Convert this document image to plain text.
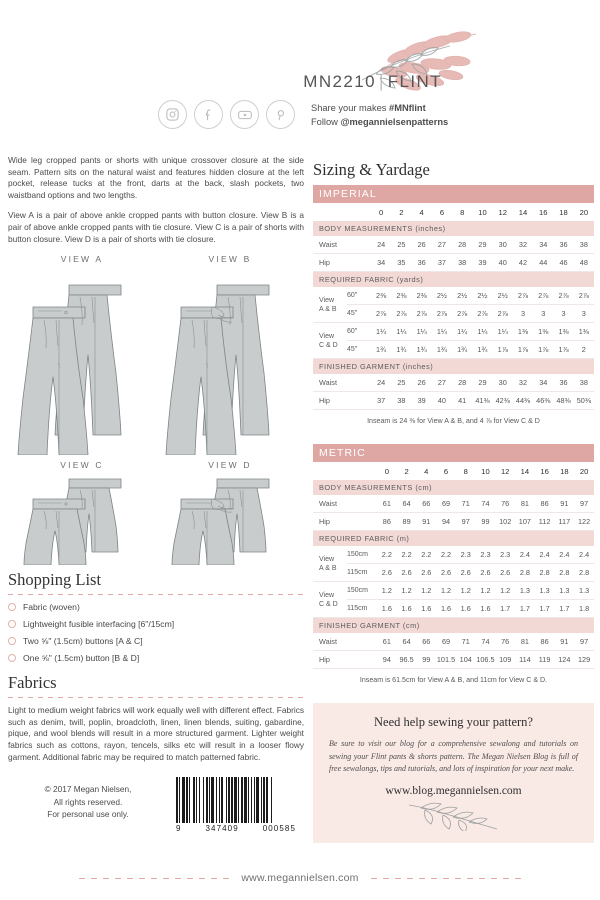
MN2210 | FLINT
Share your makes #MNflint
Follow @megannielsenpatterns

Wide leg cropped pants or shorts with unique crossover closure at the side seam. Pattern sits on the natural waist and features hidden closure at the left pocket, release tucks at the front, darts at the back, slash pockets, two waistband options and two lengths.

View A is a pair of above ankle cropped pants with button closure. View B is a pair of above ankle cropped pants with tie closure. View C is a pair of shorts with button closure. View D is a pair of shorts with tie closure.

VIEW A	VIEW B
VIEW C	VIEW D
Shopping List
Fabric (woven)
Lightweight fusible interfacing [6"/15cm]
Two ⅝" (1.5cm) buttons [A & C]
One ⅝" (1.5cm) button [B & D]
Fabrics

Light to medium weight fabrics will work equally well with different effect. Fabrics such as denim, twill, poplin, broadcloth, linen, linen blends, suiting, gabardine, pique, and wool blends will result in a more structured garment. Lighter weight fabrics such as cottons, rayon, tencels, silks etc will result in a looser flowy garment. Additional fabric may be required to match patterned fabric.

© 2017 Megan Nielsen,
All rights reserved.
For personal use only.
9	347409	000585
Sizing & Yardage
IMPERIAL												
		0	2	4	6	8	10	12	14	16	18	20
BODY MEASUREMENTS (inches)												
Waist		24	25	26	27	28	29	30	32	34	36	38
Hip		34	35	36	37	38	39	40	42	44	46	48
REQUIRED FABRIC (yards)												
View
A & B	60"	2⅜	2⅜	2⅜	2½	2½	2½	2½	2⅞	2⅞	2⅞	2⅞
	45"	2⅞	2⅞	2⅞	2⅞	2⅞	2⅞	2⅞	3	3	3	3
View
C & D	60"	1¼	1¼	1¼	1¼	1¼	1¼	1¼	1⅜	1⅜	1⅜	1⅜
	45"	1¾	1¾	1¾	1¾	1¾	1¾	1⅞	1⅞	1⅞	1⅞	2
FINISHED GARMENT (inches)												
Waist		24	25	26	27	28	29	30	32	34	36	38
Hip		37	38	39	40	41	41⅜	42⅜	44⅜	46⅜	48⅜	50⅜
Inseam is 24 ⅜ for View A & B, and 4 ⅞ for View C & D												
METRIC												
		0	2	4	6	8	10	12	14	16	18	20
BODY MEASUREMENTS (cm)												
Waist		61	64	66	69	71	74	76	81	86	91	97
Hip		86	89	91	94	97	99	102	107	112	117	122
REQUIRED FABRIC (m)												
View
A & B	150cm	2.2	2.2	2.2	2.2	2.3	2.3	2.3	2.4	2.4	2.4	2.4
	115cm	2.6	2.6	2.6	2.6	2.6	2.6	2.6	2.8	2.8	2.8	2.8
View
C & D	150cm	1.2	1.2	1.2	1.2	1.2	1.2	1.2	1.3	1.3	1.3	1.3
	115cm	1.6	1.6	1.6	1.6	1.6	1.6	1.7	1.7	1.7	1.7	1.8
FINISHED GARMENT (cm)												
Waist		61	64	66	69	71	74	76	81	86	91	97
Hip		94	96.5	99	101.5	104	106.5	109	114	119	124	129
Inseam is 61.5cm for View A & B, and 11cm for View C & D.												
Need help sewing your pattern?
Be sure to visit our blog for a comprehensive sewalong and tutorials on sewing your Flint pants & shorts pattern. The Megan Nielsen Blog is full of free sewalongs, tips and tutorials, and lots of inspiration for your next make.
www.blog.megannielsen.com
www.megannielsen.com
